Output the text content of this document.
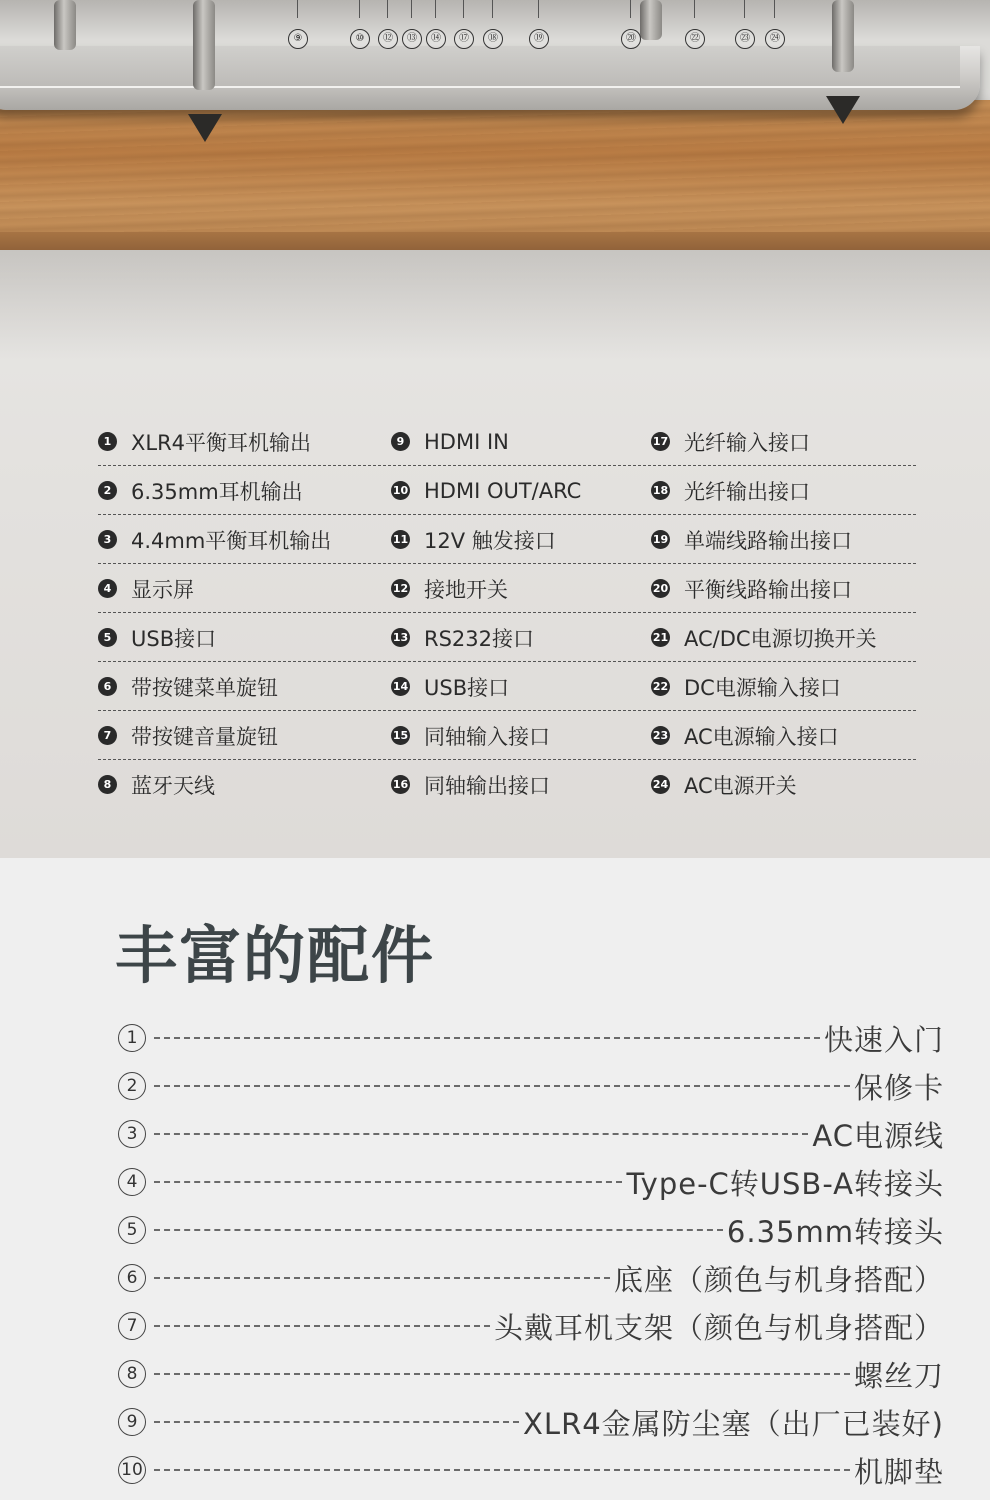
⑨	⑩	⑫	⑬	⑭	⑰	⑱	⑲	⑳	㉒	㉓	㉔
1 XLR4平衡耳机输出	9 HDMI IN	17 光纤输入接口
2 6.35mm耳机输出	10 HDMI OUT/ARC	18 光纤输出接口
3 4.4mm平衡耳机输出	11 12V 触发接口	19 单端线路输出接口
4 显示屏	12 接地开关	20 平衡线路输出接口
5 USB接口	13 RS232接口	21 AC/DC电源切换开关
6 带按键菜单旋钮	14 USB接口	22 DC电源输入接口
7 带按键音量旋钮	15 同轴输入接口	23 AC电源输入接口
8 蓝牙天线	16 同轴输出接口	24 AC电源开关
丰富的配件
1	快速入门
2	保修卡
3	AC电源线
4	Type-C转USB-A转接头
5	6.35mm转接头
6	底座（颜色与机身搭配）
7	头戴耳机支架（颜色与机身搭配）
8	螺丝刀
9	XLR4金属防尘塞（出厂已装好)
10	机脚垫
